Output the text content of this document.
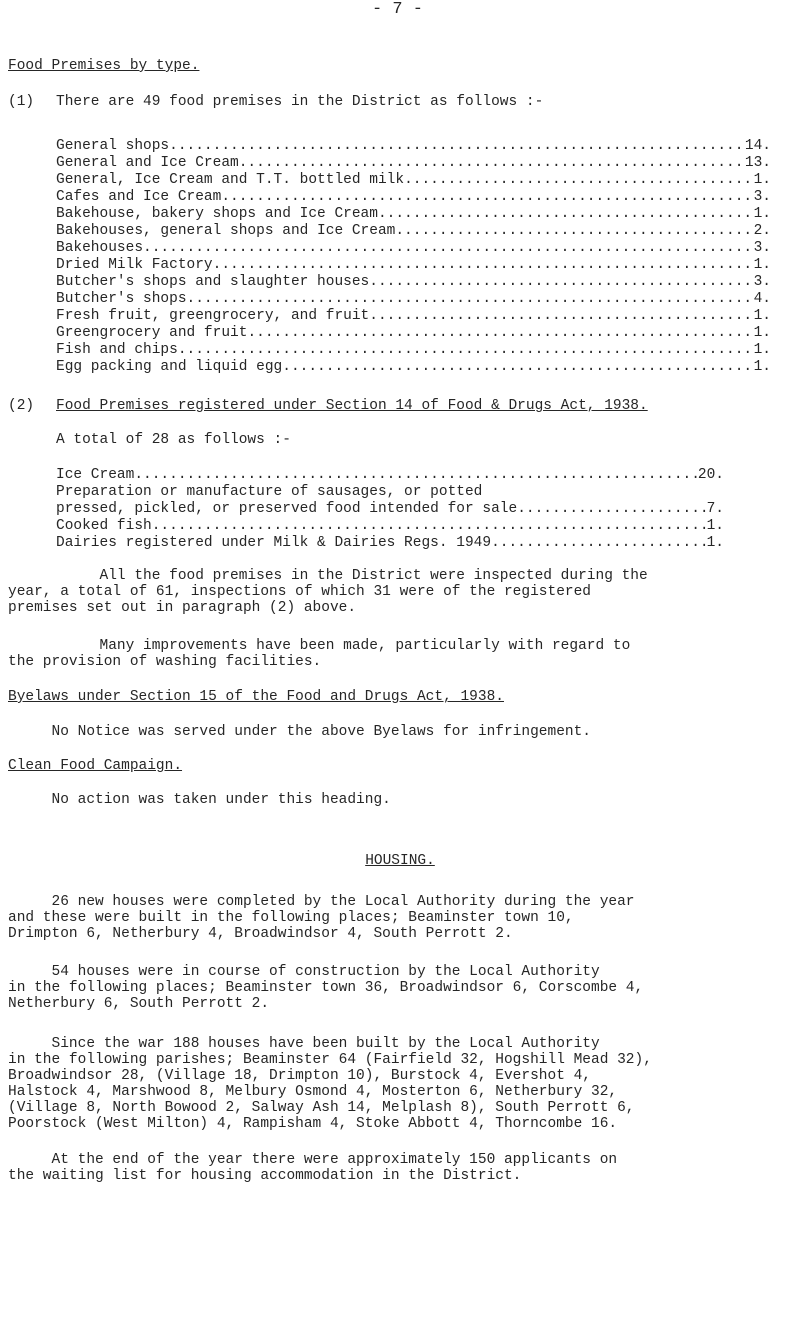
- 7 -
Food Premises by type.
(1) There are 49 food premises in the District as follows :-
General shops .....	14.
General and Ice Cream .....	13.
General, Ice Cream and T.T. bottled milk .....	1.
Cafes and Ice Cream .....	3.
Bakehouse, bakery shops and Ice Cream .....	1.
Bakehouses, general shops and Ice Cream .....	2.
Bakehouses .....	3.
Dried Milk Factory .....	1.
Butcher's shops and slaughter houses .....	3.
Butcher's shops .....	4.
Fresh fruit, greengrocery, and fruit .....	1.
Greengrocery and fruit .....	1.
Fish and chips .....	1.
Egg packing and liquid egg .....	1.
(2) Food Premises registered under Section 14 of Food & Drugs Act, 1938.
A total of 28 as follows :-
Ice Cream .....	20.
Preparation or manufacture of sausages, or potted
pressed, pickled, or preserved food intended for sale .....	7.
Cooked fish .....	1.
Dairies registered under Milk & Dairies Regs. 1949 .....	1.
All the food premises in the District were inspected during the
year, a total of 61, inspections of which 31 were of the registered
premises set out in paragraph (2) above.
Many improvements have been made, particularly with regard to
the provision of washing facilities.
Byelaws under Section 15 of the Food and Drugs Act, 1938.
No Notice was served under the above Byelaws for infringement.
Clean Food Campaign.
No action was taken under this heading.
HOUSING.
26 new houses were completed by the Local Authority during the year
and these were built in the following places; Beaminster town 10,
Drimpton 6, Netherbury 4, Broadwindsor 4, South Perrott 2.
54 houses were in course of construction by the Local Authority
in the following places; Beaminster town 36, Broadwindsor 6, Corscombe 4,
Netherbury 6, South Perrott 2.
Since the war 188 houses have been built by the Local Authority
in the following parishes; Beaminster 64 (Fairfield 32, Hogshill Mead 32),
Broadwindsor 28, (Village 18, Drimpton 10), Burstock 4, Evershot 4,
Halstock 4, Marshwood 8, Melbury Osmond 4, Mosterton 6, Netherbury 32,
(Village 8, North Bowood 2, Salway Ash 14, Melplash 8), South Perrott 6,
Poorstock (West Milton) 4, Rampisham 4, Stoke Abbott 4, Thorncombe 16.
At the end of the year there were approximately 150 applicants on
the waiting list for housing accommodation in the District.
